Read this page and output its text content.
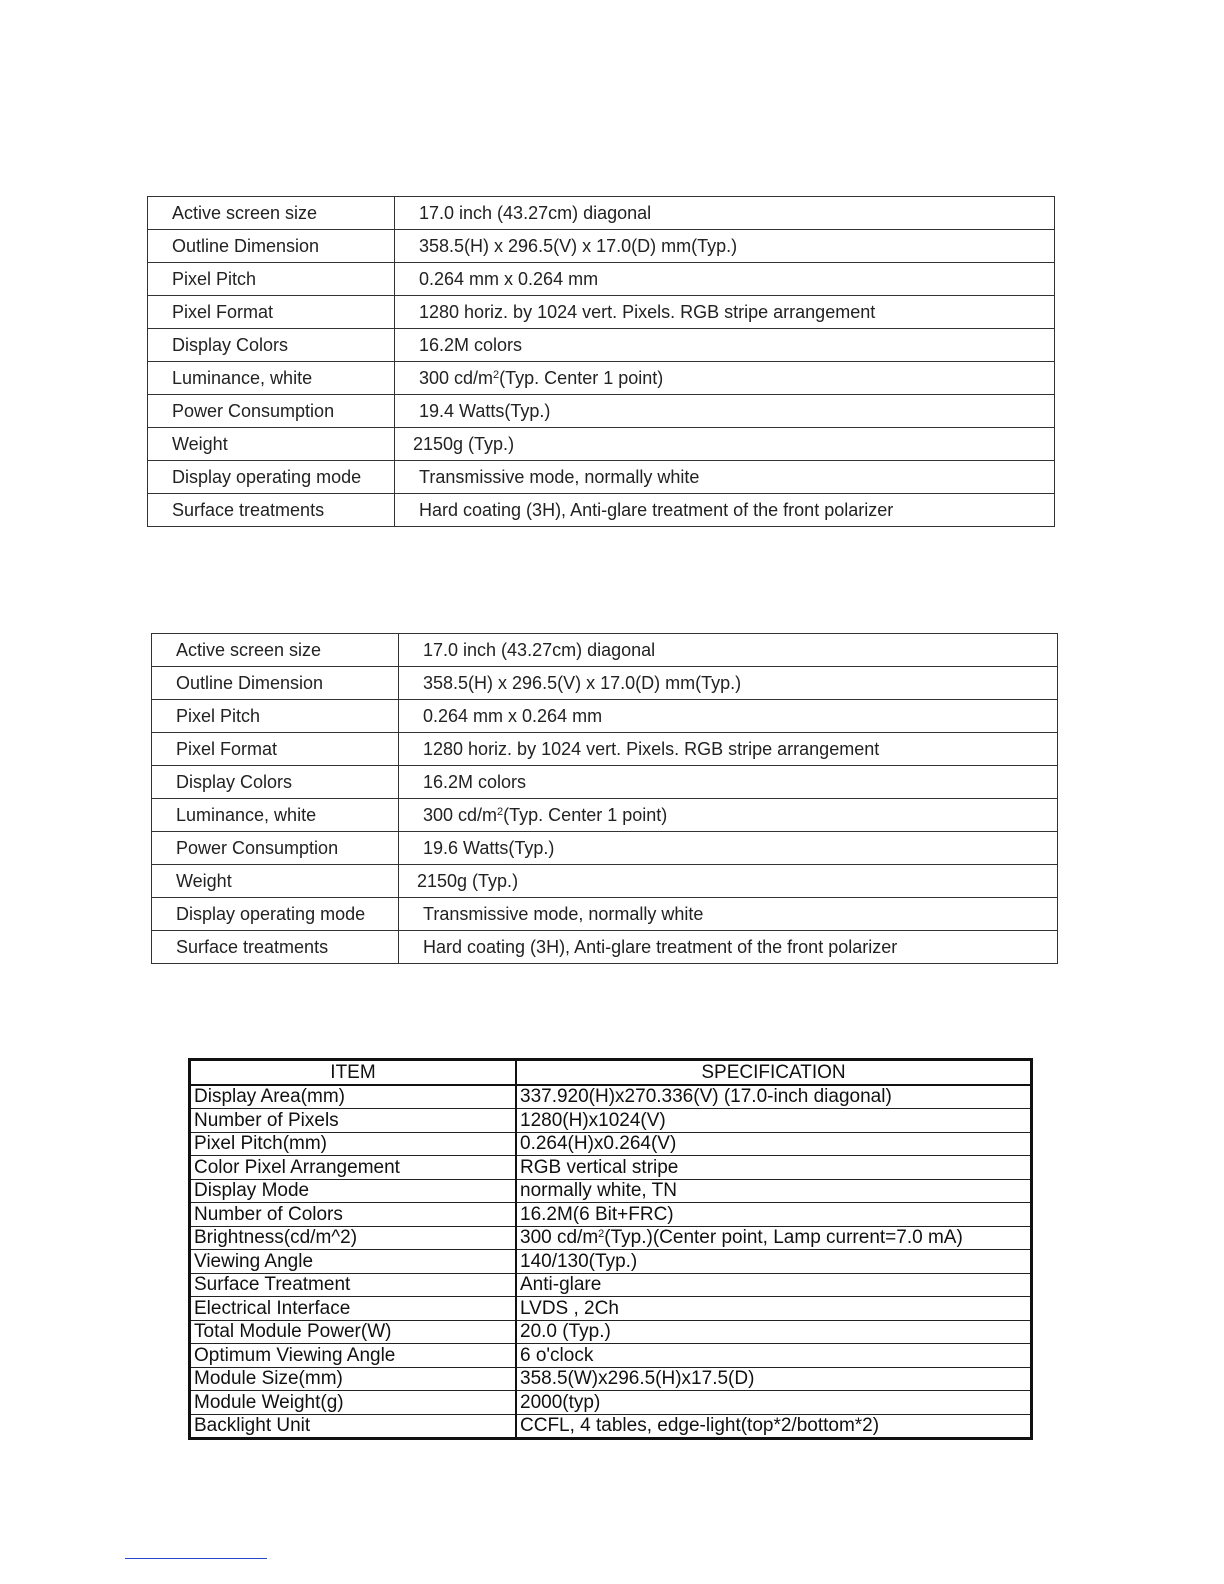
Active screen size	17.0 inch (43.27cm) diagonal
Outline Dimension	358.5(H) x 296.5(V) x 17.0(D) mm(Typ.)
Pixel Pitch	0.264 mm x 0.264 mm
Pixel Format	1280 horiz. by 1024 vert. Pixels. RGB stripe arrangement
Display Colors	16.2M colors
Luminance, white	300 $cd/m^2(Typ$. Center 1 point)
Power Consumption	19.4 Watts(Typ.)
Weight	2150g (Typ.)
Display operating mode	Transmissive mode, normally white
Surface treatments	Hard coating (3H), Anti-glare treatment of the front polarizer
Active screen size	17.0 inch (43.27cm) diagonal
Outline Dimension	358.5(H) x 296.5(V) x 17.0(D) mm(Typ.)
Pixel Pitch	0.264 mm x 0.264 mm
Pixel Format	1280 horiz. by 1024 vert. Pixels. RGB stripe arrangement
Display Colors	16.2M colors
Luminance, white	300 $cd/m^2(Typ$. Center 1 point)
Power Consumption	19.6 Watts(Typ.)
Weight	2150g (Typ.)
Display operating mode	Transmissive mode, normally white
Surface treatments	Hard coating (3H), Anti-glare treatment of the front polarizer
ITEM	SPECIFICATION
Display Area(mm)	337.920(H)x270.336(V) (17.0-inch diagonal)
Number of Pixels	1280(H)x1024(V)
Pixel Pitch(mm)	0.264(H)x0.264(V)
Color Pixel Arrangement	RGB vertical stripe
Display Mode	normally white, TN
Number of Colors	16.2M(6 Bit+FRC)
Brightness(cd/m^2)	300 $cd/m^2(Typ.)(Center$ point, Lamp current=7.0 mA)
Viewing Angle	140/130(Typ.)
Surface Treatment	Anti-glare
Electrical Interface	LVDS , 2Ch
Total Module Power(W)	20.0 (Typ.)
Optimum Viewing Angle	6 o'clock
Module Size(mm)	358.5(W)x296.5(H)x17.5(D)
Module Weight(g)	2000(typ)
Backlight Unit	CCFL, 4 tables, edge-light(top*2/bottom*2)
